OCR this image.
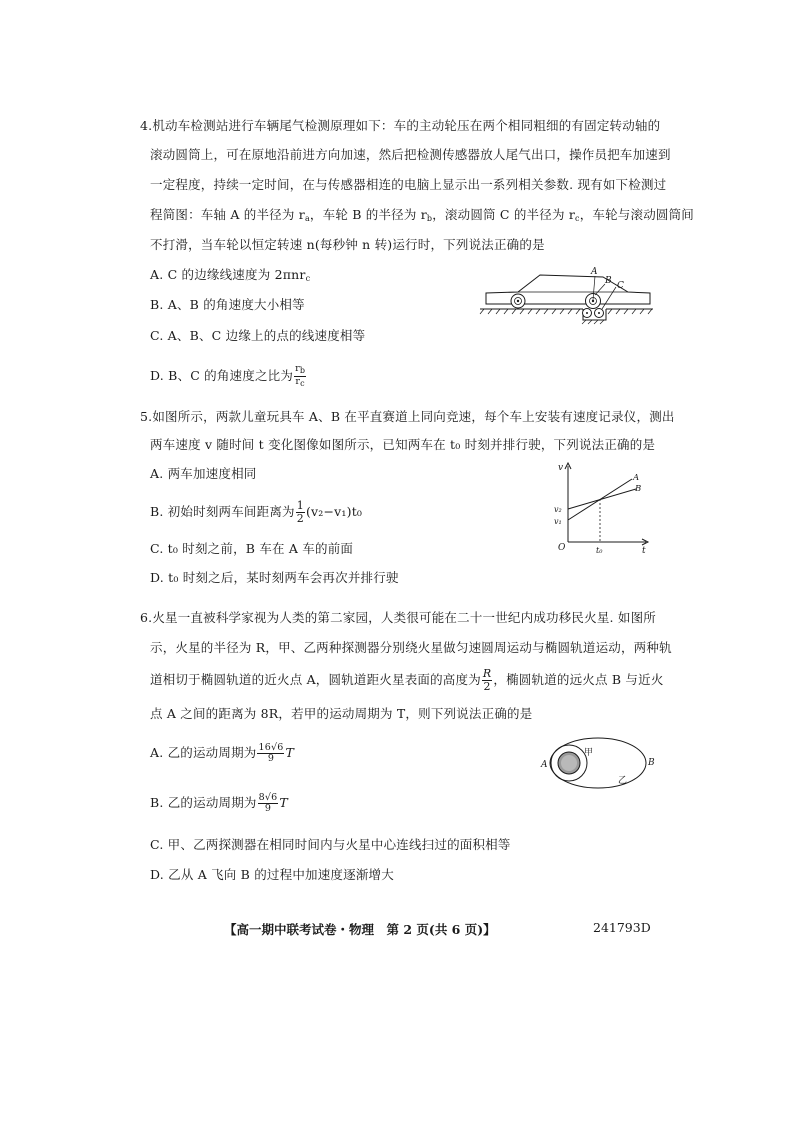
4.机动车检测站进行车辆尾气检测原理如下：车的主动轮压在两个相同粗细的有固定转动轴的
滚动圆筒上，可在原地沿前进方向加速，然后把检测传感器放人尾气出口，操作员把车加速到
一定程度，持续一定时间，在与传感器相连的电脑上显示出一系列相关参数. 现有如下检测过
程简图：车轴 A 的半径为 $r_a$，车轮 B 的半径为 $r_b$，滚动圆筒 C 的半径为 $r_c$，车轮与滚动圆筒间
不打滑，当车轮以恒定转速 n(每秒钟 n 转)运行时，下列说法正确的是
A. C 的边缘线速度为 2πnr$_c$
B. A、B 的角速度大小相等
C. A、B、C 边缘上的点的线速度相等
D. B、C 的角速度之比为 $\frac{r_b}{r_c}$
A
B C
5.如图所示，两款儿童玩具车 A、B 在平直赛道上同向竞速，每个车上安装有速度记录仪，测出
两车速度 v 随时间 t 变化图像如图所示，已知两车在 t₀ 时刻并排行驶，下列说法正确的是
A. 两车加速度相同
B. 初始时刻两车间距离为 $\frac{1}{2} (v_2-v_1)t_0$
C. t₀ 时刻之前，B 车在 A 车的前面
D. t₀ 时刻之后，某时刻两车会再次并排行驶
v
t
O
v₂
v₁
t₀
A
B
6.火星一直被科学家视为人类的第二家园，人类很可能在二十一世纪内成功移民火星. 如图所
示，火星的半径为 R，甲、乙两种探测器分别绕火星做匀速圆周运动与椭圆轨道运动，两种轨
道相切于椭圆轨道的近火点 A，圆轨道距火星表面的高度为 $\frac{R}{2}$ ，椭圆轨道的远火点 B 与近火
点 A 之间的距离为 8R，若甲的运动周期为 T，则下列说法正确的是
A. 乙的运动周期为 $\frac{16√6}{9}$ T
B. 乙的运动周期为 $\frac{8√6}{9}$ T
C. 甲、乙两探测器在相同时间内与火星中心连线扫过的面积相等
D. 乙从 A 飞向 B 的过程中加速度逐渐增大
A	B
甲
乙
【高一期中联考试卷・物理　第 2 页(共 6 页)】	241793D
